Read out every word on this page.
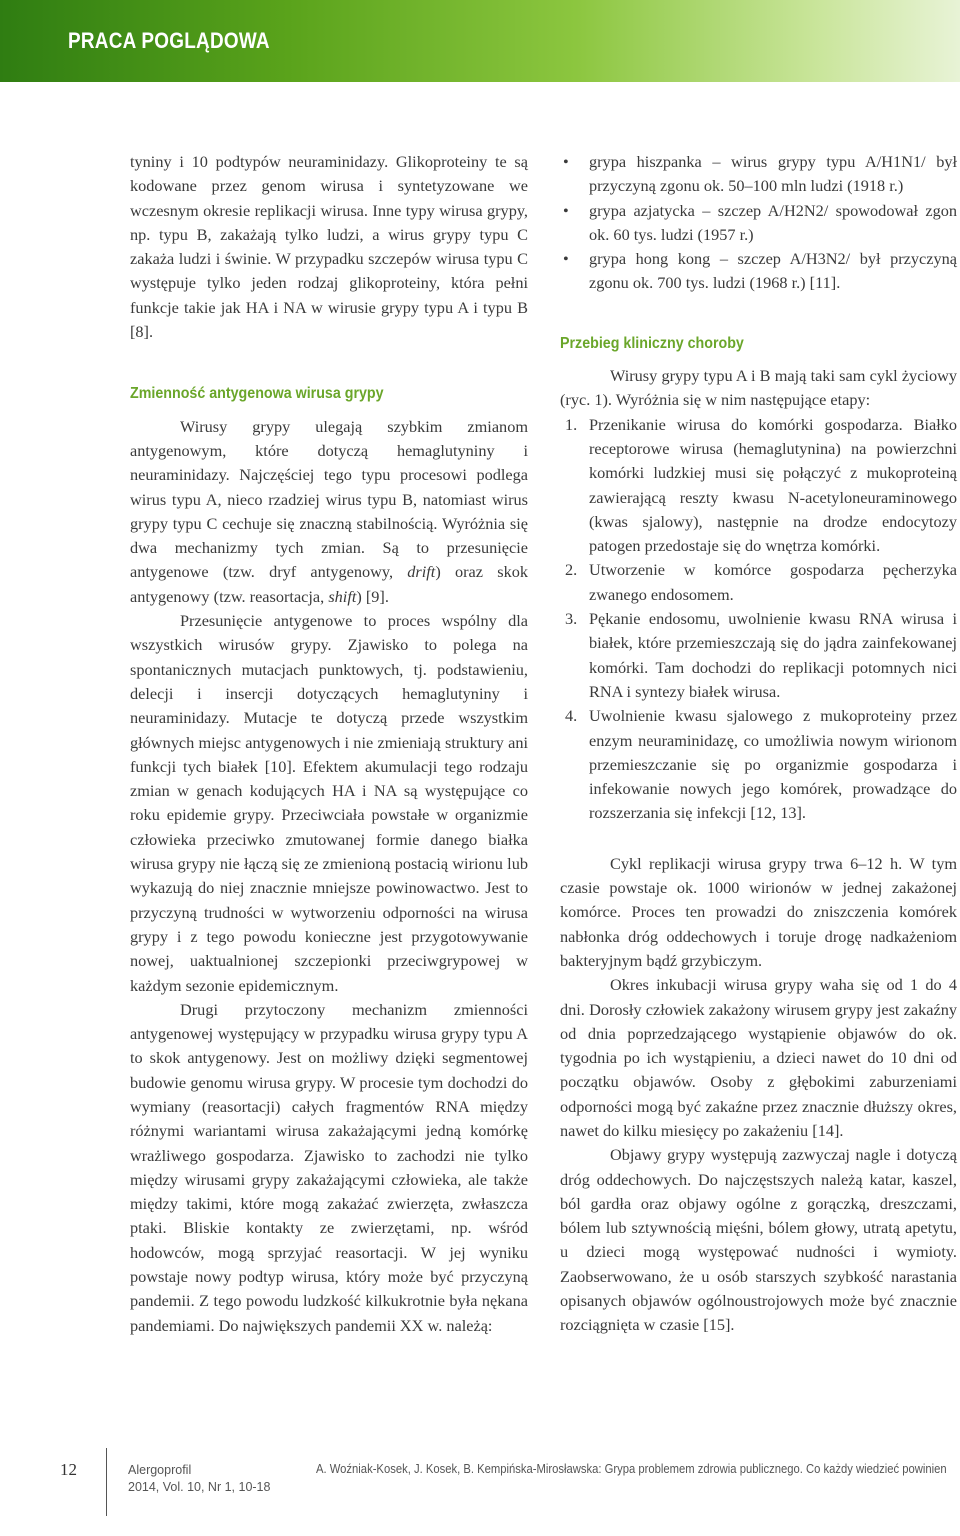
PRACA POGLĄDOWA

tyniny i 10 podtypów neuraminidazy. Glikoproteiny te są kodowane przez genom wirusa i syntetyzowane we wczesnym okresie replikacji wirusa. Inne typy wirusa grypy, np. typu B, zakażają tylko ludzi, a wirus grypy typu C zakaża ludzi i świnie. W przypadku szczepów wirusa typu C występuje tylko jeden rodzaj glikoproteiny, która pełni funkcje takie jak HA i NA w wirusie grypy typu A i typu B [8].

Zmienność antygenowa wirusa grypy

Wirusy grypy ulegają szybkim zmianom antygenowym, które dotyczą hemaglutyniny i neuraminidazy. Najczęściej tego typu procesowi podlega wirus typu A, nieco rzadziej wirus typu B, natomiast wirus grypy typu C cechuje się znaczną stabilnością. Wyróżnia się dwa mechanizmy tych zmian. Są to przesunięcie antygenowe (tzw. dryf antygenowy, drift) oraz skok antygenowy (tzw. reasortacja, shift) [9].

Przesunięcie antygenowe to proces wspólny dla wszystkich wirusów grypy. Zjawisko to polega na spontanicznych mutacjach punktowych, tj. podstawieniu, delecji i insercji dotyczących hemaglutyniny i neuraminidazy. Mutacje te dotyczą przede wszystkim głównych miejsc antygenowych i nie zmieniają struktury ani funkcji tych białek [10]. Efektem akumulacji tego rodzaju zmian w genach kodujących HA i NA są występujące co roku epidemie grypy. Przeciwciała powstałe w organizmie człowieka przeciwko zmutowanej formie danego białka wirusa grypy nie łączą się ze zmienioną postacią wirionu lub wykazują do niej znacznie mniejsze powinowactwo. Jest to przyczyną trudności w wytworzeniu odporności na wirusa grypy i z tego powodu konieczne jest przygotowywanie nowej, uaktualnionej szczepionki przeciwgrypowej w każdym sezonie epidemicznym.

Drugi przytoczony mechanizm zmienności antygenowej występujący w przypadku wirusa grypy typu A to skok antygenowy. Jest on możliwy dzięki segmentowej budowie genomu wirusa grypy. W procesie tym dochodzi do wymiany (reasortacji) całych fragmentów RNA między różnymi wariantami wirusa zakażającymi jedną komórkę wrażliwego gospodarza. Zjawisko to zachodzi nie tylko między wirusami grypy zakażającymi człowieka, ale także między takimi, które mogą zakażać zwierzęta, zwłaszcza ptaki. Bliskie kontakty ze zwierzętami, np. wśród hodowców, mogą sprzyjać reasortacji. W jej wyniku powstaje nowy podtyp wirusa, który może być przyczyną pandemii. Z tego powodu ludzkość kilkukrotnie była nękana pandemiami. Do największych pandemii XX w. należą:

• grypa hiszpanka – wirus grypy typu A/H1N1/ był przyczyną zgonu ok. 50–100 mln ludzi (1918 r.)
• grypa azjatycka – szczep A/H2N2/ spowodował zgon ok. 60 tys. ludzi (1957 r.)
• grypa hong kong – szczep A/H3N2/ był przyczyną zgonu ok. 700 tys. ludzi (1968 r.) [11].
Przebieg kliniczny choroby

Wirusy grypy typu A i B mają taki sam cykl życiowy (ryc. 1). Wyróżnia się w nim następujące etapy:

1. Przenikanie wirusa do komórki gospodarza. Białko receptorowe wirusa (hemaglutynina) na powierzchni komórki ludzkiej musi się połączyć z mukoproteiną zawierającą reszty kwasu N-acetyloneuraminowego (kwas sjalowy), następnie na drodze endocytozy patogen przedostaje się do wnętrza komórki.
2. Utworzenie w komórce gospodarza pęcherzyka zwanego endosomem.
3. Pękanie endosomu, uwolnienie kwasu RNA wirusa i białek, które przemieszczają się do jądra zainfekowanej komórki. Tam dochodzi do replikacji potomnych nici RNA i syntezy białek wirusa.
4. Uwolnienie kwasu sjalowego z mukoproteiny przez enzym neuraminidazę, co umożliwia nowym wirionom przemieszczanie się po organizmie gospodarza i infekowanie nowych jego komórek, prowadzące do rozszerzania się infekcji [12, 13].

Cykl replikacji wirusa grypy trwa 6–12 h. W tym czasie powstaje ok. 1000 wirionów w jednej zakażonej komórce. Proces ten prowadzi do zniszczenia komórek nabłonka dróg oddechowych i toruje drogę nadkażeniom bakteryjnym bądź grzybiczym.

Okres inkubacji wirusa grypy waha się od 1 do 4 dni. Dorosły człowiek zakażony wirusem grypy jest zakaźny od dnia poprzedzającego wystąpienie objawów do ok. tygodnia po ich wystąpieniu, a dzieci nawet do 10 dni od początku objawów. Osoby z głębokimi zaburzeniami odporności mogą być zakaźne przez znacznie dłuższy okres, nawet do kilku miesięcy po zakażeniu [14].

Objawy grypy występują zazwyczaj nagle i dotyczą dróg oddechowych. Do najczęstszych należą katar, kaszel, ból gardła oraz objawy ogólne z gorączką, dreszczami, bólem lub sztywnością mięśni, bólem głowy, utratą apetytu, u dzieci mogą występować nudności i wymioty. Zaobserwowano, że u osób starszych szybkość narastania opisanych objawów ogólnoustrojowych może być znacznie rozciągnięta w czasie [15].

12	Alergoprofil
2014, Vol. 10, Nr 1, 10-18
A. Woźniak-Kosek, J. Kosek, B. Kempińska-Mirosławska: Grypa problemem zdrowia publicznego. Co każdy wiedzieć powinien
